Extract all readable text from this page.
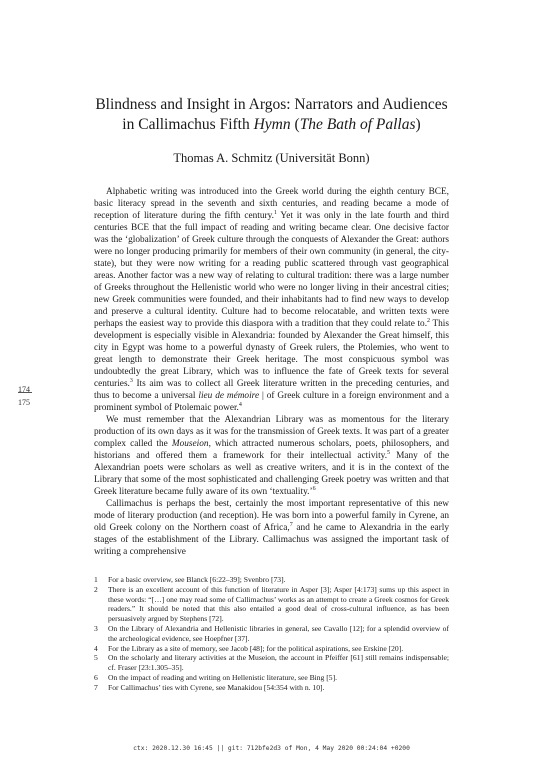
Blindness and Insight in Argos: Narrators and Audiences
in Callimachus Fifth Hymn (The Bath of Pallas)
Thomas A. Schmitz (Universität Bonn)
174
175

Alphabetic writing was introduced into the Greek world during the eighth century BCE, basic literacy spread in the seventh and sixth centuries, and reading became a mode of reception of literature during the fifth century.$^1$ Yet it was only in the late fourth and third centuries BCE that the full impact of reading and writing became clear. One decisive factor was the ‘globalization’ of Greek culture through the conquests of Alexander the Great: authors were no longer producing primarily for members of their own community (in general, the city-state), but they were now writing for a reading public scattered through vast geographical areas. Another factor was a new way of relating to cultural tradition: there was a large number of Greeks throughout the Hellenistic world who were no longer living in their ancestral cities; new Greek communities were founded, and their inhabitants had to find new ways to develop and preserve a cultural identity. Culture had to become relocatable, and written texts were perhaps the easiest way to provide this diaspora with a tradition that they could relate to.$^2$ This development is especially visible in Alexandria: founded by Alexander the Great himself, this city in Egypt was home to a powerful dynasty of Greek rulers, the Ptolemies, who went to great length to demonstrate their Greek heritage. The most conspicuous symbol was undoubtedly the great Library, which was to influence the fate of Greek texts for several centuries.$^3$ Its aim was to collect all Greek literature written in the preceding centuries, and thus to become a universal lieu de mémoire | of Greek culture in a foreign environment and a prominent symbol of Ptolemaic power.$^4$

We must remember that the Alexandrian Library was as momentous for the literary production of its own days as it was for the transmission of Greek texts. It was part of a greater complex called the Mouseion, which attracted numerous scholars, poets, philosophers, and historians and offered them a framework for their intellectual activity.$^5$ Many of the Alexandrian poets were scholars as well as creative writers, and it is in the context of the Library that some of the most sophisticated and challenging Greek poetry was written and that Greek literature became fully aware of its own ‘textuality.’$^6$

Callimachus is perhaps the best, certainly the most important representative of this new mode of literary production (and reception). He was born into a powerful family in Cyrene, an old Greek colony on the Northern coast of Africa,$^7$ and he came to Alexandria in the early stages of the establishment of the Library. Callimachus was assigned the important task of writing a comprehensive

1	For a basic overview, see Blanck [6:22–39]; Svenbro [73].
2	There is an excellent account of this function of literature in Asper [3]; Asper [4:173] sums up this aspect in these words: “[…] one may read some of Callimachus’ works as an attempt to create a Greek cosmos for Greek readers.” It should be noted that this also entailed a good deal of cross-cultural influence, as has been persuasively argued by Stephens [72].
3	On the Library of Alexandria and Hellenistic libraries in general, see Cavallo [12]; for a splendid overview of the archeological evidence, see Hoepfner [37].
4	For the Library as a site of memory, see Jacob [48]; for the political aspirations, see Erskine [20].
5	On the scholarly and literary activities at the Museion, the account in Pfeiffer [61] still remains indispensable; cf. Fraser [23:1.305–35].
6	On the impact of reading and writing on Hellenistic literature, see Bing [5].
7	For Callimachus’ ties with Cyrene, see Manakidou [54:354 with n. 10].
ctx: 2020.12.30 16:45 || git: 712bfe2d3 of Mon, 4 May 2020 00:24:04 +0200
